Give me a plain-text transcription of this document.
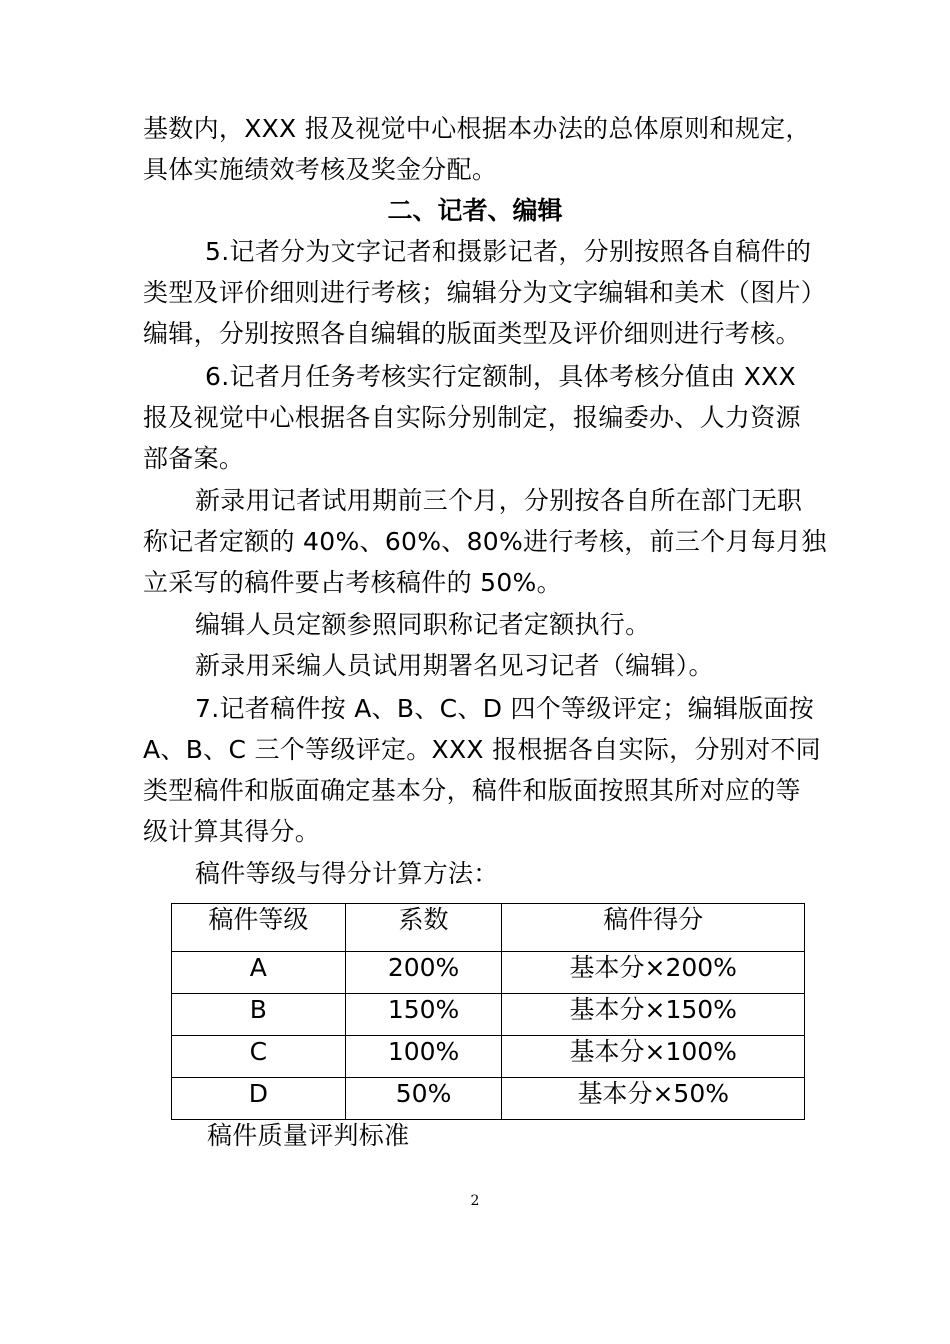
基数内，XXX 报及视觉中心根据本办法的总体原则和规定，
具体实施绩效考核及奖金分配。
二、记者、编辑
5.记者分为文字记者和摄影记者，分别按照各自稿件的
类型及评价细则进行考核；编辑分为文字编辑和美术（图片）
编辑，分别按照各自编辑的版面类型及评价细则进行考核。
6.记者月任务考核实行定额制，具体考核分值由 XXX
报及视觉中心根据各自实际分别制定，报编委办、人力资源
部备案。
新录用记者试用期前三个月，分别按各自所在部门无职
称记者定额的 40%、60%、80%进行考核，前三个月每月独
立采写的稿件要占考核稿件的 50%。
编辑人员定额参照同职称记者定额执行。
新录用采编人员试用期署名见习记者（编辑）。
7.记者稿件按 A、B、C、D 四个等级评定；编辑版面按
A、B、C 三个等级评定。XXX 报根据各自实际，分别对不同
类型稿件和版面确定基本分，稿件和版面按照其所对应的等
级计算其得分。
稿件等级与得分计算方法：
稿件等级	系数	稿件得分
A	200%	基本分×200%
B	150%	基本分×150%
C	100%	基本分×100%
D	50%	基本分×50%
稿件质量评判标准
2
